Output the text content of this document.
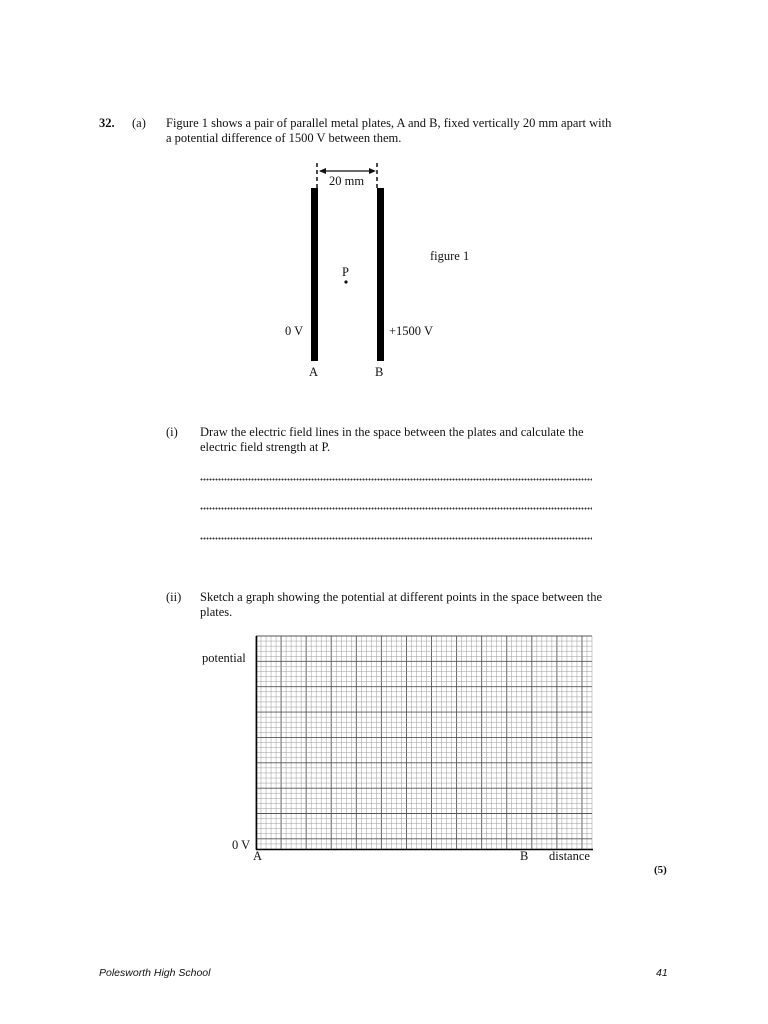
32. (a) Figure 1 shows a pair of parallel metal plates, A and B, fixed vertically 20 mm apart with
a potential difference of 1500 V between them.
20 mm
figure 1
P
0 V	+1500 V
A	B
(i) Draw the electric field lines in the space between the plates and calculate the
electric field strength at P.
(ii) Sketch a graph showing the potential at different points in the space between the
plates.
potential
0 V
A	B distance
(5)
Polesworth High School	41
